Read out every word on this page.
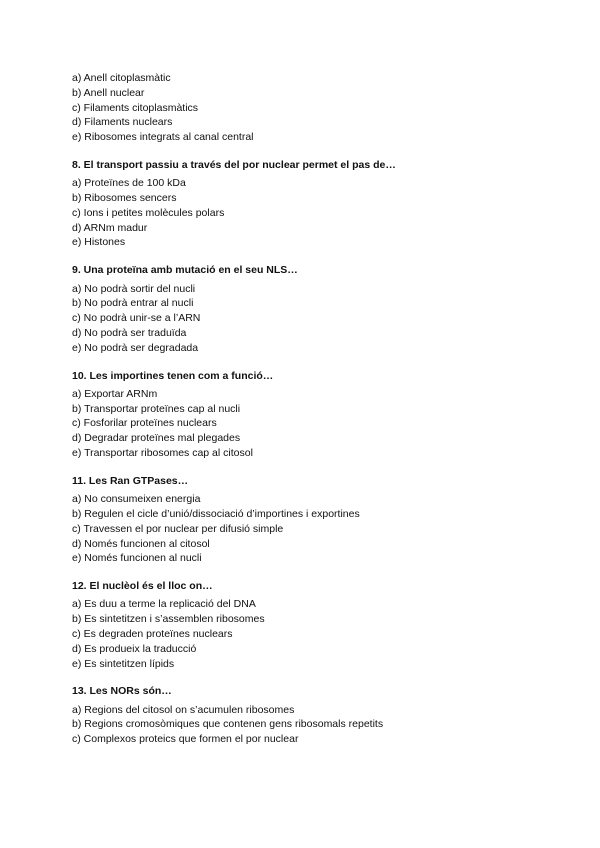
a) Anell citoplasmàtic
b) Anell nuclear
c) Filaments citoplasmàtics
d) Filaments nuclears
e) Ribosomes integrats al canal central
8. El transport passiu a través del por nuclear permet el pas de…
a) Proteïnes de 100 kDa
b) Ribosomes sencers
c) Ions i petites molècules polars
d) ARNm madur
e) Histones
9. Una proteïna amb mutació en el seu NLS…
a) No podrà sortir del nucli
b) No podrà entrar al nucli
c) No podrà unir-se a l’ARN
d) No podrà ser traduïda
e) No podrà ser degradada
10. Les importines tenen com a funció…
a) Exportar ARNm
b) Transportar proteïnes cap al nucli
c) Fosforilar proteïnes nuclears
d) Degradar proteïnes mal plegades
e) Transportar ribosomes cap al citosol
11. Les Ran GTPases…
a) No consumeixen energia
b) Regulen el cicle d’unió/dissociació d’importines i exportines
c) Travessen el por nuclear per difusió simple
d) Només funcionen al citosol
e) Només funcionen al nucli
12. El nuclèol és el lloc on…
a) Es duu a terme la replicació del DNA
b) Es sintetitzen i s’assemblen ribosomes
c) Es degraden proteïnes nuclears
d) Es produeix la traducció
e) Es sintetitzen lípids
13. Les NORs són…
a) Regions del citosol on s’acumulen ribosomes
b) Regions cromosòmiques que contenen gens ribosomals repetits
c) Complexos proteics que formen el por nuclear
